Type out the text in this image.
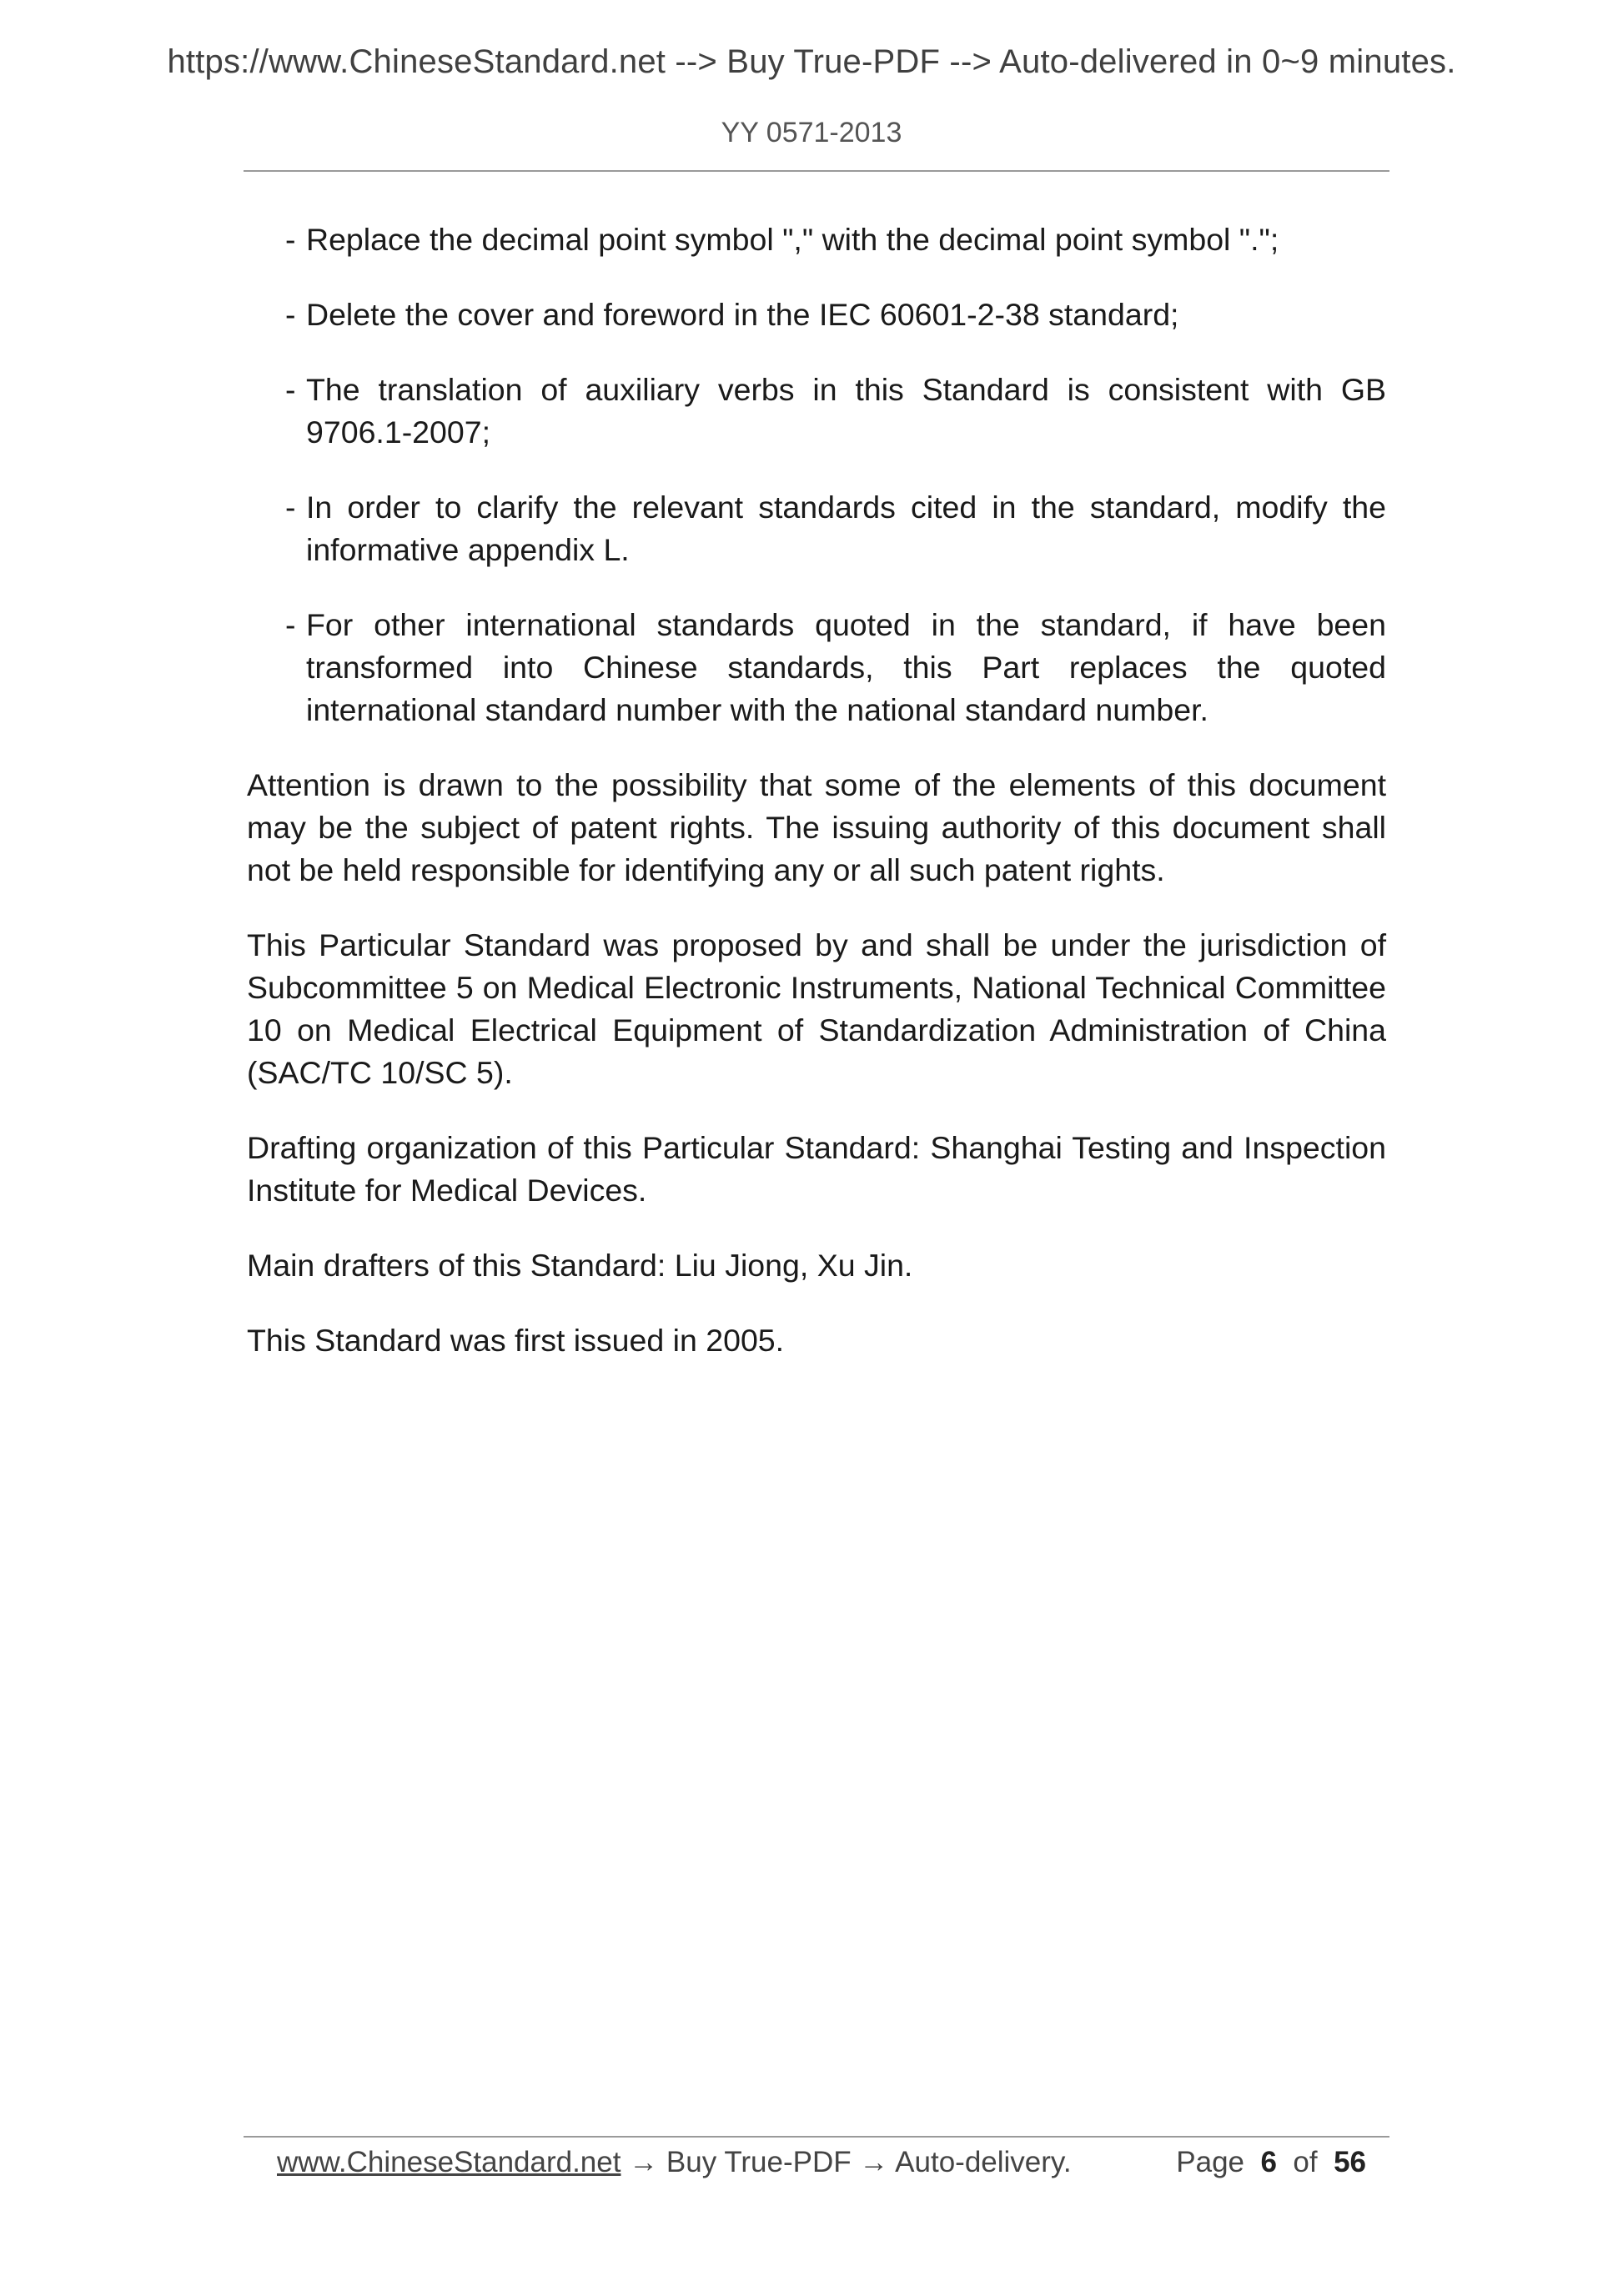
https://www.ChineseStandard.net --> Buy True-PDF --> Auto-delivered in 0~9 minutes.
YY 0571-2013
- Replace the decimal point symbol "," with the decimal point symbol ".";
- Delete the cover and foreword in the IEC 60601-2-38 standard;
- The translation of auxiliary verbs in this Standard is consistent with GB 9706.1-2007;
- In order to clarify the relevant standards cited in the standard, modify the informative appendix L.
- For other international standards quoted in the standard, if have been transformed into Chinese standards, this Part replaces the quoted international standard number with the national standard number.

Attention is drawn to the possibility that some of the elements of this document may be the subject of patent rights. The issuing authority of this document shall not be held responsible for identifying any or all such patent rights.

This Particular Standard was proposed by and shall be under the jurisdiction of Subcommittee 5 on Medical Electronic Instruments, National Technical Committee 10 on Medical Electrical Equipment of Standardization Administration of China (SAC/TC 10/SC 5).

Drafting organization of this Particular Standard: Shanghai Testing and Inspection Institute for Medical Devices.

Main drafters of this Standard: Liu Jiong, Xu Jin.

This Standard was first issued in 2005.

www.ChineseStandard.net → Buy True-PDF → Auto-delivery.	Page 6 of 56
